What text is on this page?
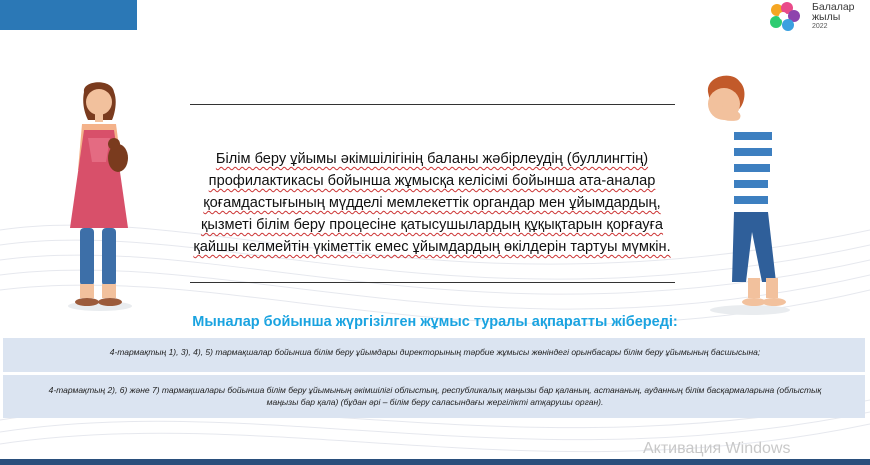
Балалар
жылы
2022
Білім беру ұйымы әкімшілігінің баланы жәбірлеудің (буллингтің)
профилактикасы бойынша жұмысқа келісімі бойынша ата-аналар
қоғамдастығының мүдделі мемлекеттік органдар мен ұйымдардың,
қызметі білім беру процесіне қатысушылардың құқықтарын қорғауға
қайшы келмейтін үкіметтік емес ұйымдардың өкілдерін тартуы мүмкін.
Мыналар бойынша жүргізілген жұмыс туралы ақпаратты жібереді:
4-тармақтың 1), 3), 4), 5) тармақшалар бойынша білім беру ұйымдары директорының тәрбие жұмысы жөніндегі орынбасары білім беру ұйымының басшысына;
4-тармақтың 2), 6) және 7) тармақшалары бойынша білім беру ұйымының әкімшілігі облыстың, республикалық маңызы бар қаланың, астананың, ауданның білім басқармаларына (облыстық маңызы бар қала) (бұдан әрі – білім беру саласындағы жергілікті атқарушы орган).
Активация Windows
